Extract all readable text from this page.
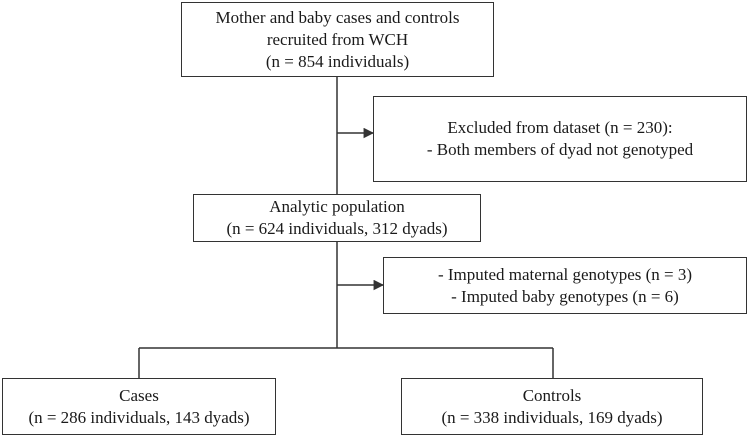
Mother and baby cases and controls
recruited from WCH
(n = 854 individuals)
Excluded from dataset (n = 230):
- Both members of dyad not genotyped
Analytic population
(n = 624 individuals, 312 dyads)
- Imputed maternal genotypes (n = 3)
- Imputed baby genotypes (n = 6)
Cases
(n = 286 individuals, 143 dyads)
Controls
(n = 338 individuals, 169 dyads)
